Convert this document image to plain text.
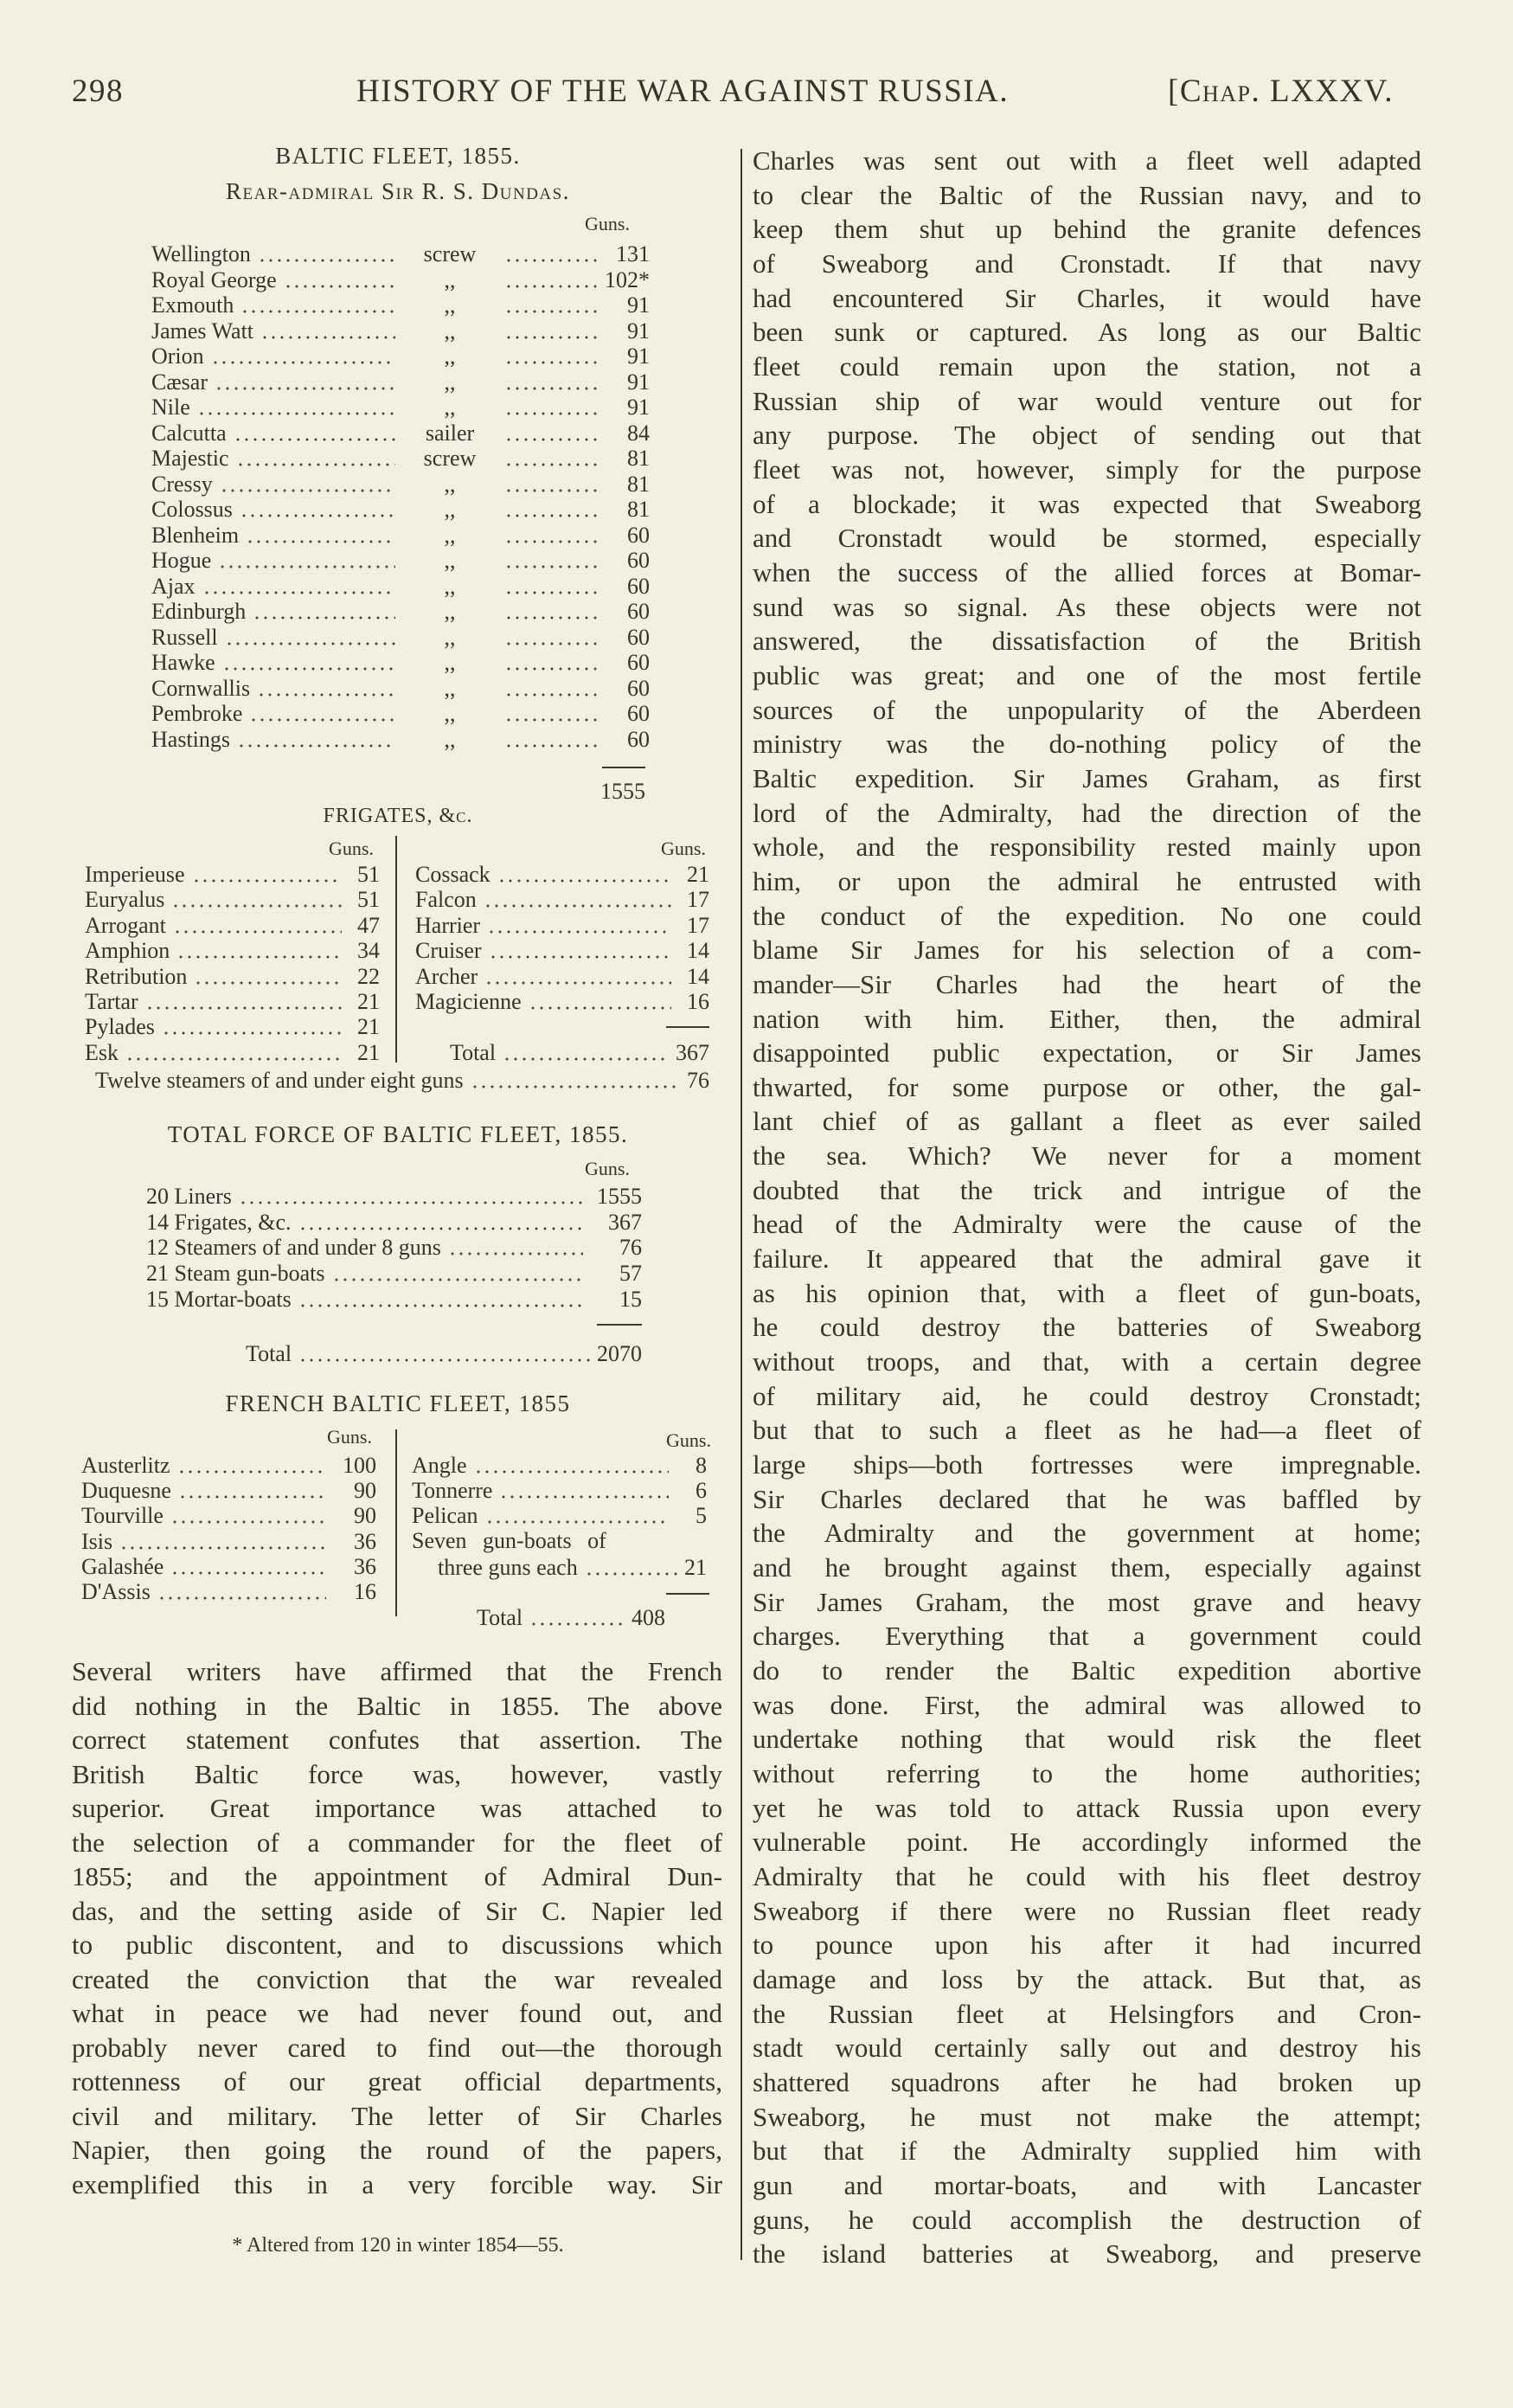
298	HISTORY OF THE WAR AGAINST RUSSIA.	[Chap. LXXXV.
BALTIC FLEET, 1855.
Rear-admiral Sir R. S. Dundas.
Guns.
Wellington	screw	131
Royal George	,,	102*
Exmouth	,,	91
James Watt	,,	91
Orion	,,	91
Cæsar	,,	91
Nile	,,	91
Calcutta	sailer	84
Majestic	screw	81
Cressy	,,	81
Colossus	,,	81
Blenheim	,,	60
Hogue	,,	60
Ajax	,,	60
Edinburgh	,,	60
Russell	,,	60
Hawke	,,	60
Cornwallis	,,	60
Pembroke	,,	60
Hastings	,,	60
1555
FRIGATES, &c.
Guns.	Guns.
Imperieuse	51
Euryalus	51
Arrogant	47
Amphion	34
Retribution	22
Tartar	21
Pylades	21
Esk	21
Cossack	21
Falcon	17
Harrier	17
Cruiser	14
Archer	14
Magicienne	16
Total	367
Twelve steamers of and under eight guns	76
TOTAL FORCE OF BALTIC FLEET, 1855.
Guns.
20 Liners	1555
14 Frigates, &c.	367
12 Steamers of and under 8 guns	76
21 Steam gun-boats	57
15 Mortar-boats	15
Total	2070
FRENCH BALTIC FLEET, 1855
Guns.	Guns.
Austerlitz	100
Duquesne	90
Tourville	90
Isis	36
Galashée	36
D'Assis	16
Angle	8
Tonnerre	6
Pelican	5
Seven gun-boats of
three guns each	21
Total	408
Several writers have affirmed that the French
did nothing in the Baltic in 1855. The above
correct statement confutes that assertion. The
British Baltic force was, however, vastly
superior. Great importance was attached to
the selection of a commander for the fleet of
1855; and the appointment of Admiral Dun-
das, and the setting aside of Sir C. Napier led
to public discontent, and to discussions which
created the conviction that the war revealed
what in peace we had never found out, and
probably never cared to find out—the thorough
rottenness of our great official departments,
civil and military. The letter of Sir Charles
Napier, then going the round of the papers,
exemplified this in a very forcible way. Sir
* Altered from 120 in winter 1854—55.
Charles was sent out with a fleet well adapted
to clear the Baltic of the Russian navy, and to
keep them shut up behind the granite defences
of Sweaborg and Cronstadt. If that navy
had encountered Sir Charles, it would have
been sunk or captured. As long as our Baltic
fleet could remain upon the station, not a
Russian ship of war would venture out for
any purpose. The object of sending out that
fleet was not, however, simply for the purpose
of a blockade; it was expected that Sweaborg
and Cronstadt would be stormed, especially
when the success of the allied forces at Bomar-
sund was so signal. As these objects were not
answered, the dissatisfaction of the British
public was great; and one of the most fertile
sources of the unpopularity of the Aberdeen
ministry was the do-nothing policy of the
Baltic expedition. Sir James Graham, as first
lord of the Admiralty, had the direction of the
whole, and the responsibility rested mainly upon
him, or upon the admiral he entrusted with
the conduct of the expedition. No one could
blame Sir James for his selection of a com-
mander—Sir Charles had the heart of the
nation with him. Either, then, the admiral
disappointed public expectation, or Sir James
thwarted, for some purpose or other, the gal-
lant chief of as gallant a fleet as ever sailed
the sea. Which? We never for a moment
doubted that the trick and intrigue of the
head of the Admiralty were the cause of the
failure. It appeared that the admiral gave it
as his opinion that, with a fleet of gun-boats,
he could destroy the batteries of Sweaborg
without troops, and that, with a certain degree
of military aid, he could destroy Cronstadt;
but that to such a fleet as he had—a fleet of
large ships—both fortresses were impregnable.
Sir Charles declared that he was baffled by
the Admiralty and the government at home;
and he brought against them, especially against
Sir James Graham, the most grave and heavy
charges. Everything that a government could
do to render the Baltic expedition abortive
was done. First, the admiral was allowed to
undertake nothing that would risk the fleet
without referring to the home authorities;
yet he was told to attack Russia upon every
vulnerable point. He accordingly informed the
Admiralty that he could with his fleet destroy
Sweaborg if there were no Russian fleet ready
to pounce upon his after it had incurred
damage and loss by the attack. But that, as
the Russian fleet at Helsingfors and Cron-
stadt would certainly sally out and destroy his
shattered squadrons after he had broken up
Sweaborg, he must not make the attempt;
but that if the Admiralty supplied him with
gun and mortar-boats, and with Lancaster
guns, he could accomplish the destruction of
the island batteries at Sweaborg, and preserve
